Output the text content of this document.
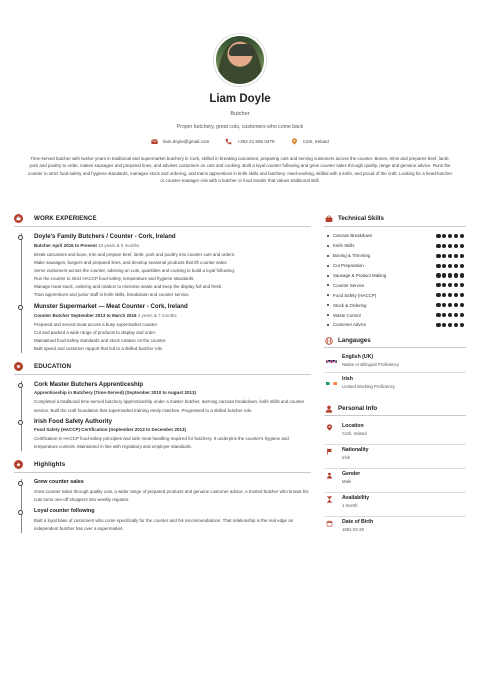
Liam Doyle
Butcher
Proper butchery, great cuts, customers who come back
liam.doyle@gmail.com	+353 21 555 0478	Cork, Ireland
Time-served butcher with twelve years in traditional and supermarket butchery in Cork, skilled in breaking carcasses, preparing cuts and serving customers across the counter. Bones, trims and prepares beef, lamb, pork and poultry to order, makes sausages and prepared lines, and advises customers on cuts and cooking. Built a loyal counter following and grew counter sales through quality, range and genuine advice. Runs the counter to strict food-safety and hygiene standards, manages stock and ordering, and trains apprentices in knife skills and butchery. Hard-working, skilled with a knife, and proud of the craft. Looking for a head-butcher or counter-manager role with a butcher or food retailer that values traditional skill.
WORK EXPERIENCE
Doyle's Family Butchers / Counter - Cork, Ireland
Butcher April 2016 to Present 10 years & 5 months
Break carcasses and bone, trim and prepare beef, lamb, pork and poultry into counter cuts and orders.
Make sausages, burgers and prepared lines, and develop seasonal products that lift counter sales.
Serve customers across the counter, advising on cuts, quantities and cooking to build a loyal following.
Run the counter to strict HACCP food-safety, temperature and hygiene standards.
Manage meat stock, ordering and rotation to minimise waste and keep the display full and fresh.
Train apprentices and junior staff in knife skills, breakdown and counter service.
Munster Supermarket — Meat Counter - Cork, Ireland
Counter Butcher September 2013 to March 2016 2 years & 7 months
Prepared and served meat across a busy supermarket counter.
Cut and packed a wide range of products to display and order.
Maintained food-safety standards and stock rotation on the counter.
Built speed and customer rapport that led to a skilled butcher role.
EDUCATION
Cork Master Butchers Apprenticeship
Apprenticeship in Butchery (Time-Served) (September 2010 to August 2013)
Completed a traditional time-served butchery apprenticeship under a master butcher, learning carcass breakdown, knife skills and counter service. Built the craft foundation that supermarket training rarely matches. Progressed to a skilled butcher role.
Irish Food Safety Authority
Food Safety (HACCP) Certification (September 2013 to December 2013)
Certification in HACCP food-safety principles and safe meat handling required for butchery. It underpins the counter's hygiene and temperature controls. Maintained in line with regulatory and employer standards.
Highlights
Grew counter sales
Grew counter sales through quality cuts, a wider range of prepared products and genuine customer advice. A trusted butcher who knows his cuts turns one-off shoppers into weekly regulars.
Loyal counter following
Built a loyal base of customers who come specifically for the counter and his recommendations. That relationship is the real edge an independent butcher has over a supermarket.
Technical Skills
Carcass Breakdown
Knife Skills
Boning & Trimming
Cut Preparation
Sausage & Product Making
Counter Service
Food Safety (HACCP)
Stock & Ordering
Waste Control
Customer Advice
Langauges
English (UK)
Native or Bilingual Proficiency
Irish
Limited Working Proficiency
Personal Info
Location
Cork, Ireland
Nationality
Irish
Gender
Male
Availability
1 month
Date of Birth
1991-02-20
